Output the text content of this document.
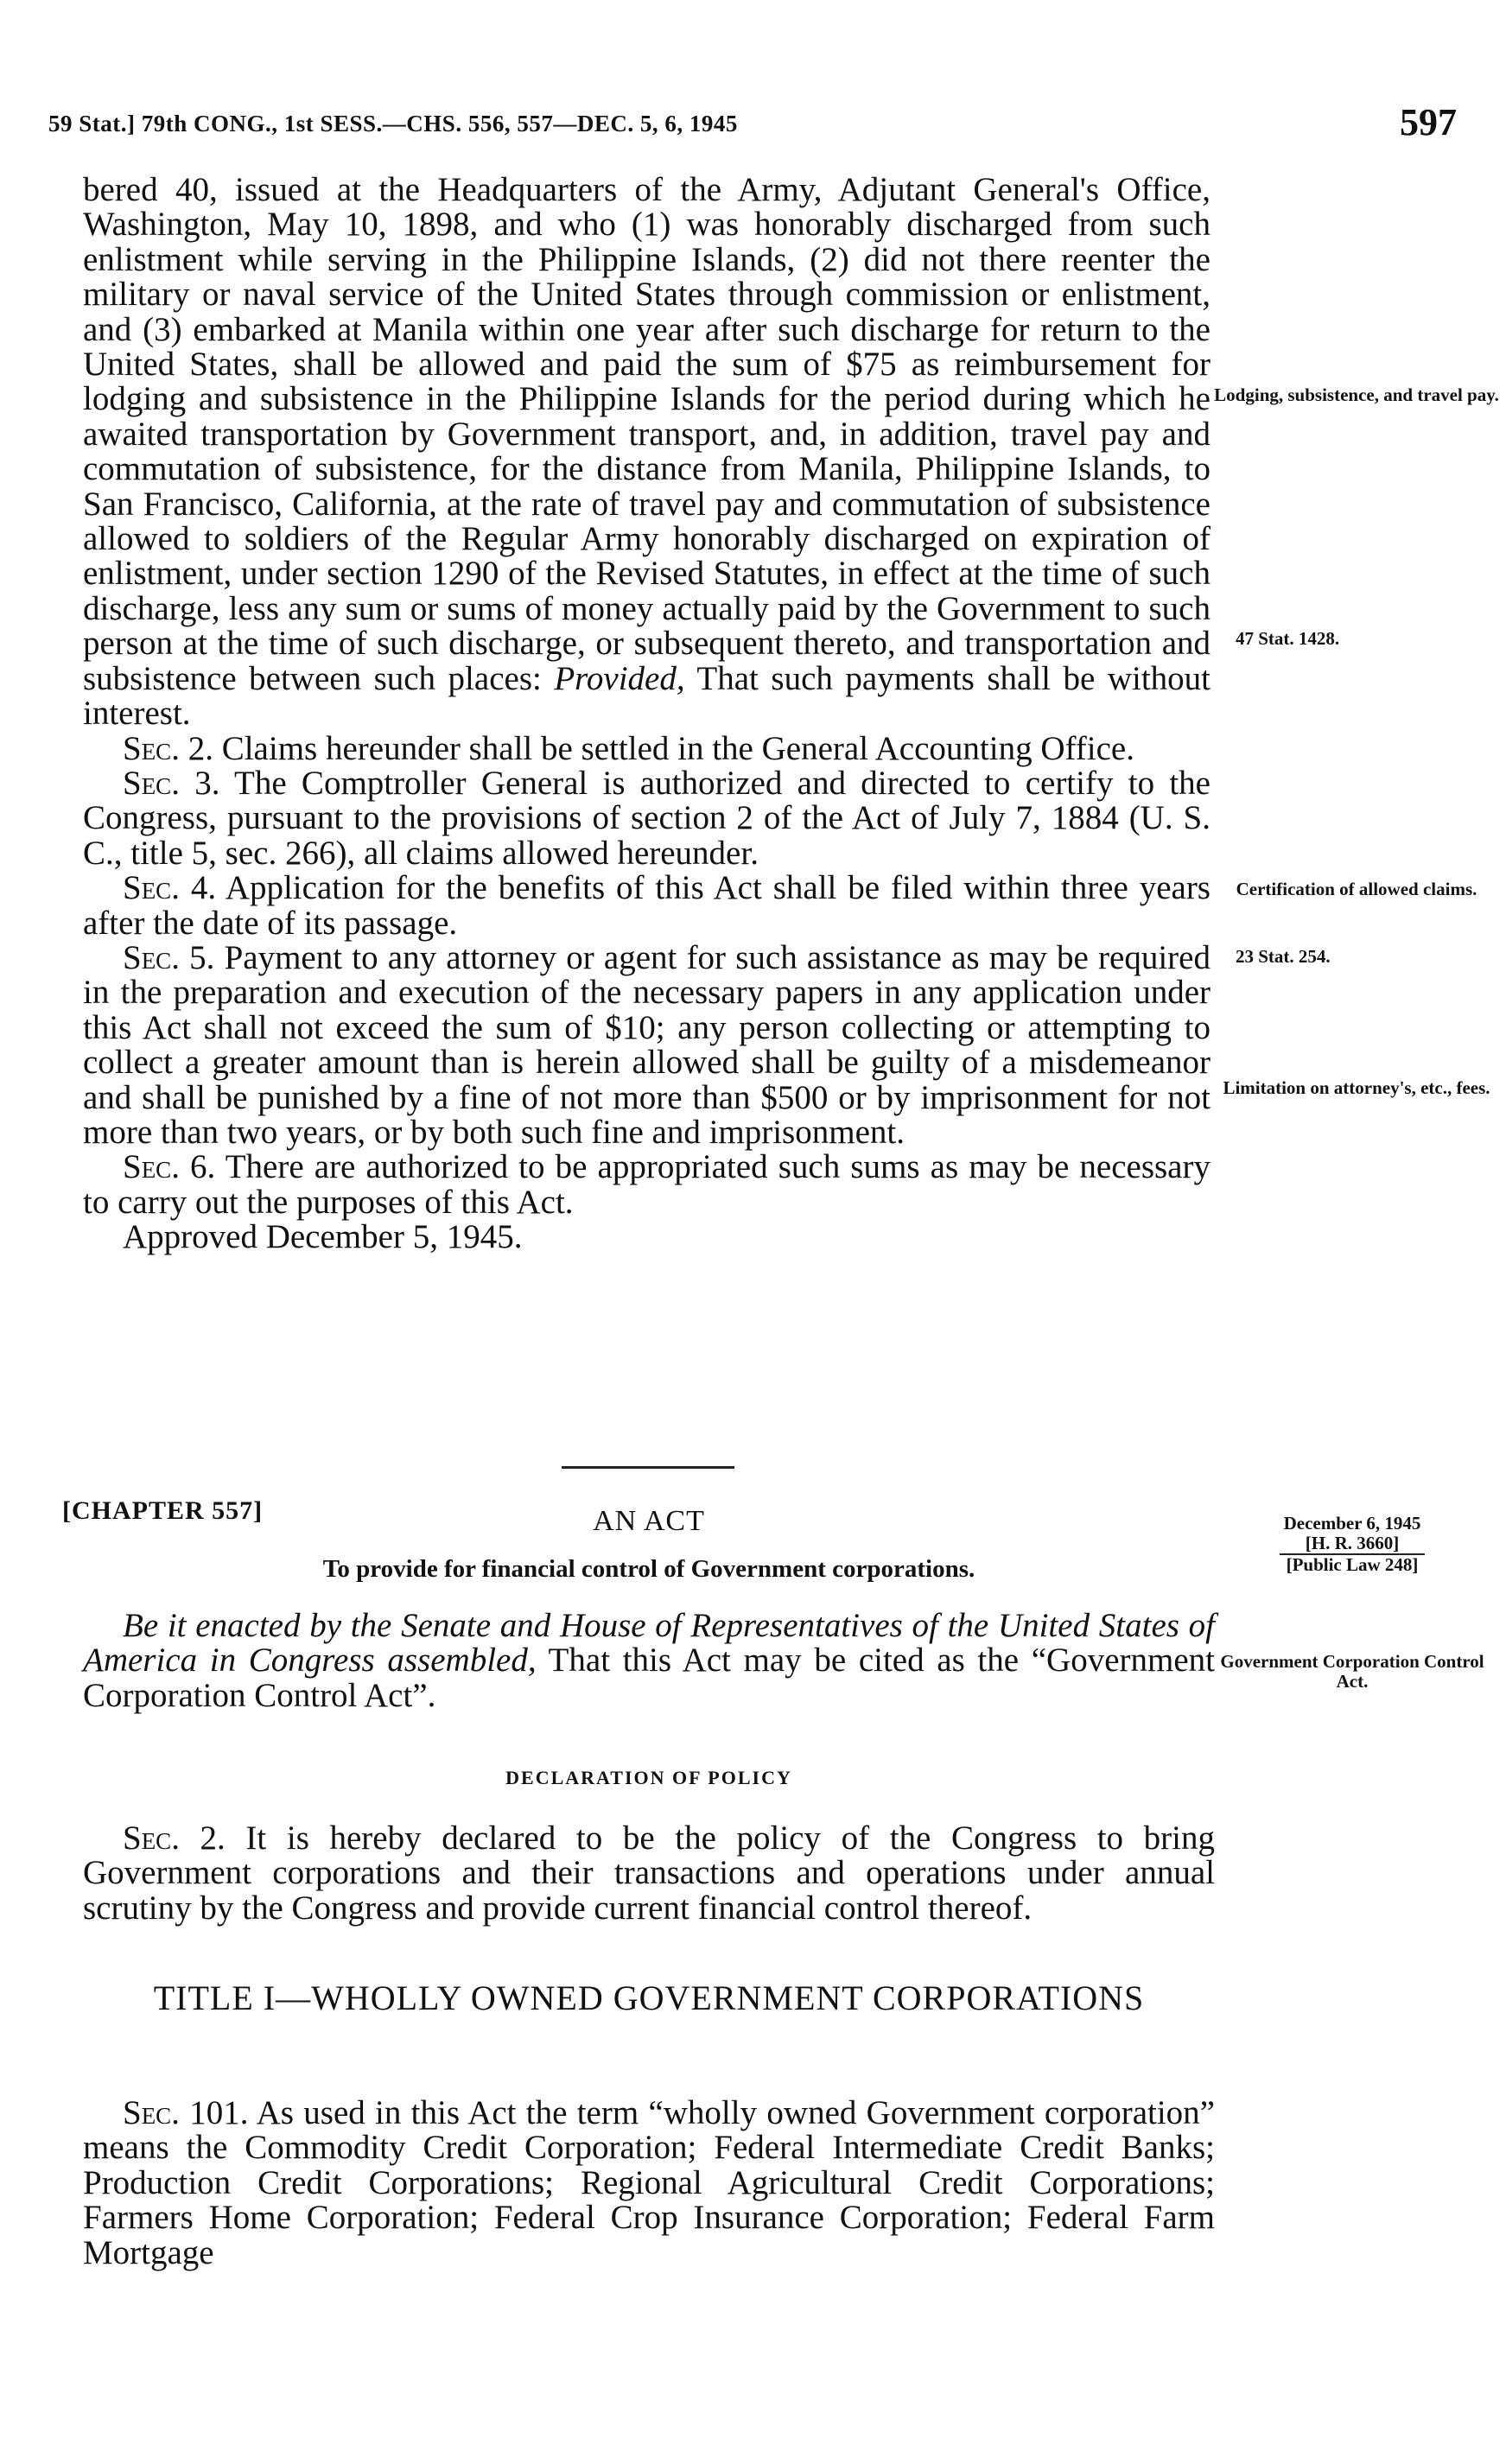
59 Stat.] 79th CONG., 1st SESS.—CHS. 556, 557—DEC. 5, 6, 1945	597

bered 40, issued at the Headquarters of the Army, Adjutant General's Office, Washington, May 10, 1898, and who (1) was honorably discharged from such enlistment while serving in the Philippine Islands, (2) did not there reenter the military or naval service of the United States through commission or enlistment, and (3) embarked at Manila within one year after such discharge for return to the United States, shall be allowed and paid the sum of $75 as reimbursement for lodging and subsistence in the Philippine Islands for the period during which he awaited transportation by Government transport, and, in addition, travel pay and commutation of subsistence, for the distance from Manila, Philippine Islands, to San Francisco, California, at the rate of travel pay and commutation of subsistence allowed to soldiers of the Regular Army honorably discharged on expiration of enlistment, under section 1290 of the Revised Statutes, in effect at the time of such discharge, less any sum or sums of money actually paid by the Government to such person at the time of such discharge, or subsequent thereto, and transportation and subsistence between such places: Provided, That such payments shall be without interest.

Sec. 2. Claims hereunder shall be settled in the General Accounting Office.

Sec. 3. The Comptroller General is authorized and directed to certify to the Congress, pursuant to the provisions of section 2 of the Act of July 7, 1884 (U. S. C., title 5, sec. 266), all claims allowed hereunder.

Sec. 4. Application for the benefits of this Act shall be filed within three years after the date of its passage.

Sec. 5. Payment to any attorney or agent for such assistance as may be required in the preparation and execution of the necessary papers in any application under this Act shall not exceed the sum of $10; any person collecting or attempting to collect a greater amount than is herein allowed shall be guilty of a misdemeanor and shall be punished by a fine of not more than $500 or by imprisonment for not more than two years, or by both such fine and imprisonment.

Sec. 6. There are authorized to be appropriated such sums as may be necessary to carry out the purposes of this Act.

Approved December 5, 1945.

Lodging, subsistence, and travel pay.
47 Stat. 1428.
Certification of allowed claims.
23 Stat. 254.
Limitation on attorney's, etc., fees.
[CHAPTER 557]	AN ACT
To provide for financial control of Government corporations.
December 6, 1945
[H. R. 3660]
[Public Law 248]

Be it enacted by the Senate and House of Representatives of the United States of America in Congress assembled, That this Act may be cited as the “Government Corporation Control Act”.

Government Corporation Control Act.
DECLARATION OF POLICY

Sec. 2. It is hereby declared to be the policy of the Congress to bring Government corporations and their transactions and operations under annual scrutiny by the Congress and provide current financial control thereof.

TITLE I—WHOLLY OWNED GOVERNMENT CORPORATIONS

Sec. 101. As used in this Act the term “wholly owned Government corporation” means the Commodity Credit Corporation; Federal Intermediate Credit Banks; Production Credit Corporations; Regional Agricultural Credit Corporations; Farmers Home Corporation; Federal Crop Insurance Corporation; Federal Farm Mortgage
